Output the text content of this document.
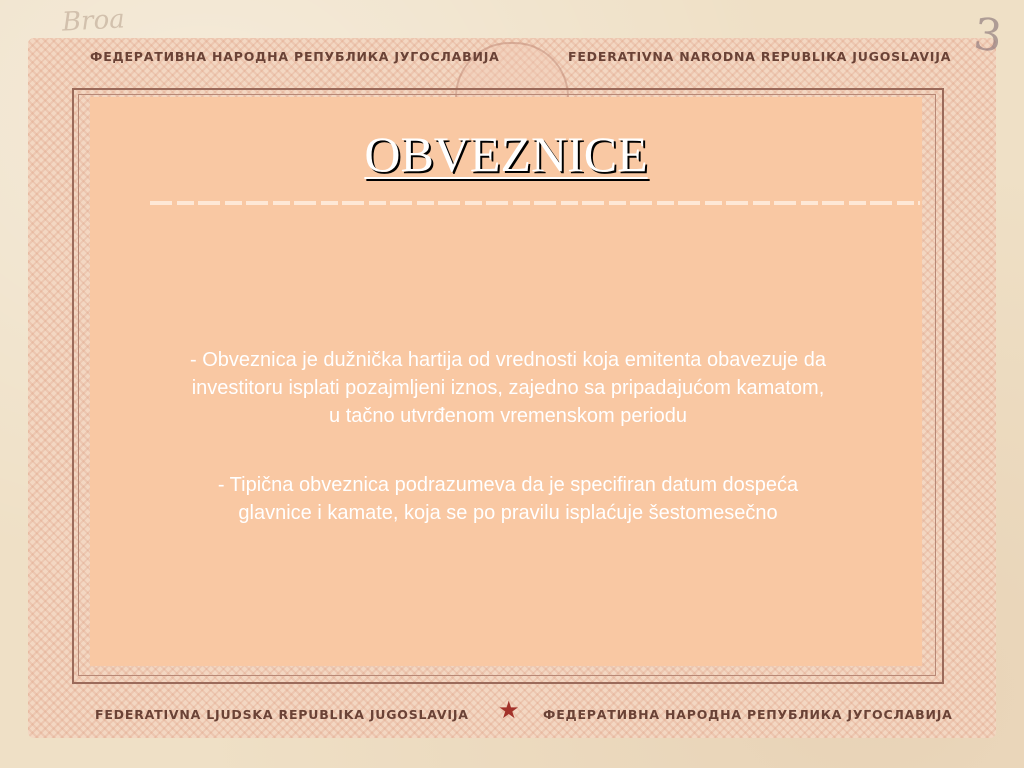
Broa	3
ФЕДЕРАТИВНА НАРОДНА РЕПУБЛИКА ЈУГОСЛАВИЈА	FEDERATIVNA NARODNA REPUBLIKA JUGOSLAVIJA
FEDERATIVNA LJUDSKA REPUBLIKA JUGOSLAVIJA ★ ФЕДЕРАТИВНА НАРОДНА РЕПУБЛИКА ЈУГОСЛАВИЈА
OBVEZNICE
- Obveznica je dužnička hartija od vrednosti koja emitenta obavezuje da
investitoru isplati pozajmljeni iznos, zajedno sa pripadajućom kamatom,
u tačno utvrđenom vremenskom periodu
- Tipična obveznica podrazumeva da je specifiran datum dospeća
glavnice i kamate, koja se po pravilu isplaćuje šestomesečno
